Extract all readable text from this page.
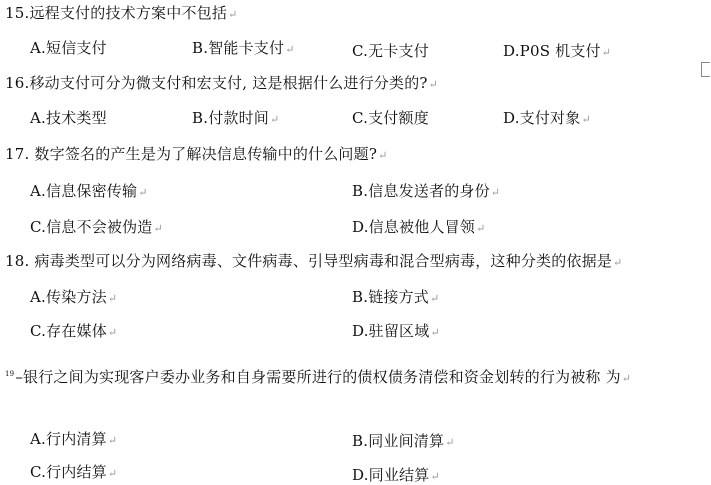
15.远程支付的技术方案中不包括↵
A.短信支付	B.智能卡支付↵	C.无卡支付	D.P0S 机支付↵
16.移动支付可分为微支付和宏支付, 这是根据什么进行分类的?↵
A.技术类型	B.付款时间↵	C.支付额度	D.支付对象↵
17. 数字签名的产生是为了解决信息传输中的什么问题?↵
A.信息保密传输↵	B.信息发送者的身份↵
C.信息不会被伪造↵	D.信息被他人冒领↵
18. 病毒类型可以分为网络病毒、文件病毒、引导型病毒和混合型病毒，这种分类的依据是↵
A.传染方法↵	B.链接方式↵
C.存在媒体↵	D.驻留区域↵
$^{19}$–银行之间为实现客户委办业务和自身需要所进行的债权债务清偿和资金划转的行为被称 为↵
A.行内清算↵	B.同业间清算↵
C.行内结算↵	D.同业结算↵
